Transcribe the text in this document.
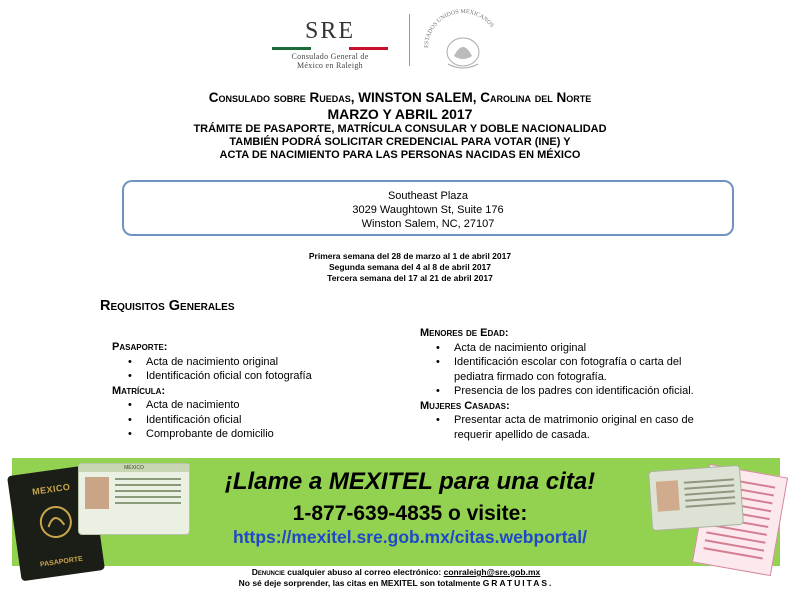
SRE
Consulado General de
México en Raleigh
ESTADOS UNIDOS MEXICANOS
Consulado sobre Ruedas, WINSTON SALEM, Carolina del Norte
MARZO Y ABRIL 2017
TRÁMITE DE PASAPORTE, MATRÍCULA CONSULAR Y DOBLE NACIONALIDAD
TAMBIÉN PODRÁ SOLICITAR CREDENCIAL PARA VOTAR (INE) Y
ACTA DE NACIMIENTO PARA LAS PERSONAS NACIDAS EN MÉXICO
Southeast Plaza
3029 Waughtown St, Suite 176
Winston Salem, NC, 27107
Primera semana del 28 de marzo al 1 de abril 2017
Segunda semana del 4 al 8 de abril 2017
Tercera semana del 17 al 21 de abril 2017
Requisitos Generales
Pasaporte:
• Acta de nacimiento original
• Identificación oficial con fotografía
Matrícula:
• Acta de nacimiento
• Identificación oficial
• Comprobante de domicilio
Menores de Edad:
• Acta de nacimiento original
• Identificación escolar con fotografía o carta del pediatra firmado con fotografía.
• Presencia de los padres con identificación oficial.
Mujeres Casadas:
• Presentar acta de matrimonio original en caso de requerir apellido de casada.
MEXICO
PASAPORTE
MÉXICO	¡Llame a MEXITEL para una cita!
1-877-639-4835 o visite:
https://mexitel.sre.gob.mx/citas.webportal/
Denuncie cualquier abuso al correo electrónico: conraleigh@sre.gob.mx
No sé deje sorprender, las citas en MEXITEL son totalmente GRATUITAS.
